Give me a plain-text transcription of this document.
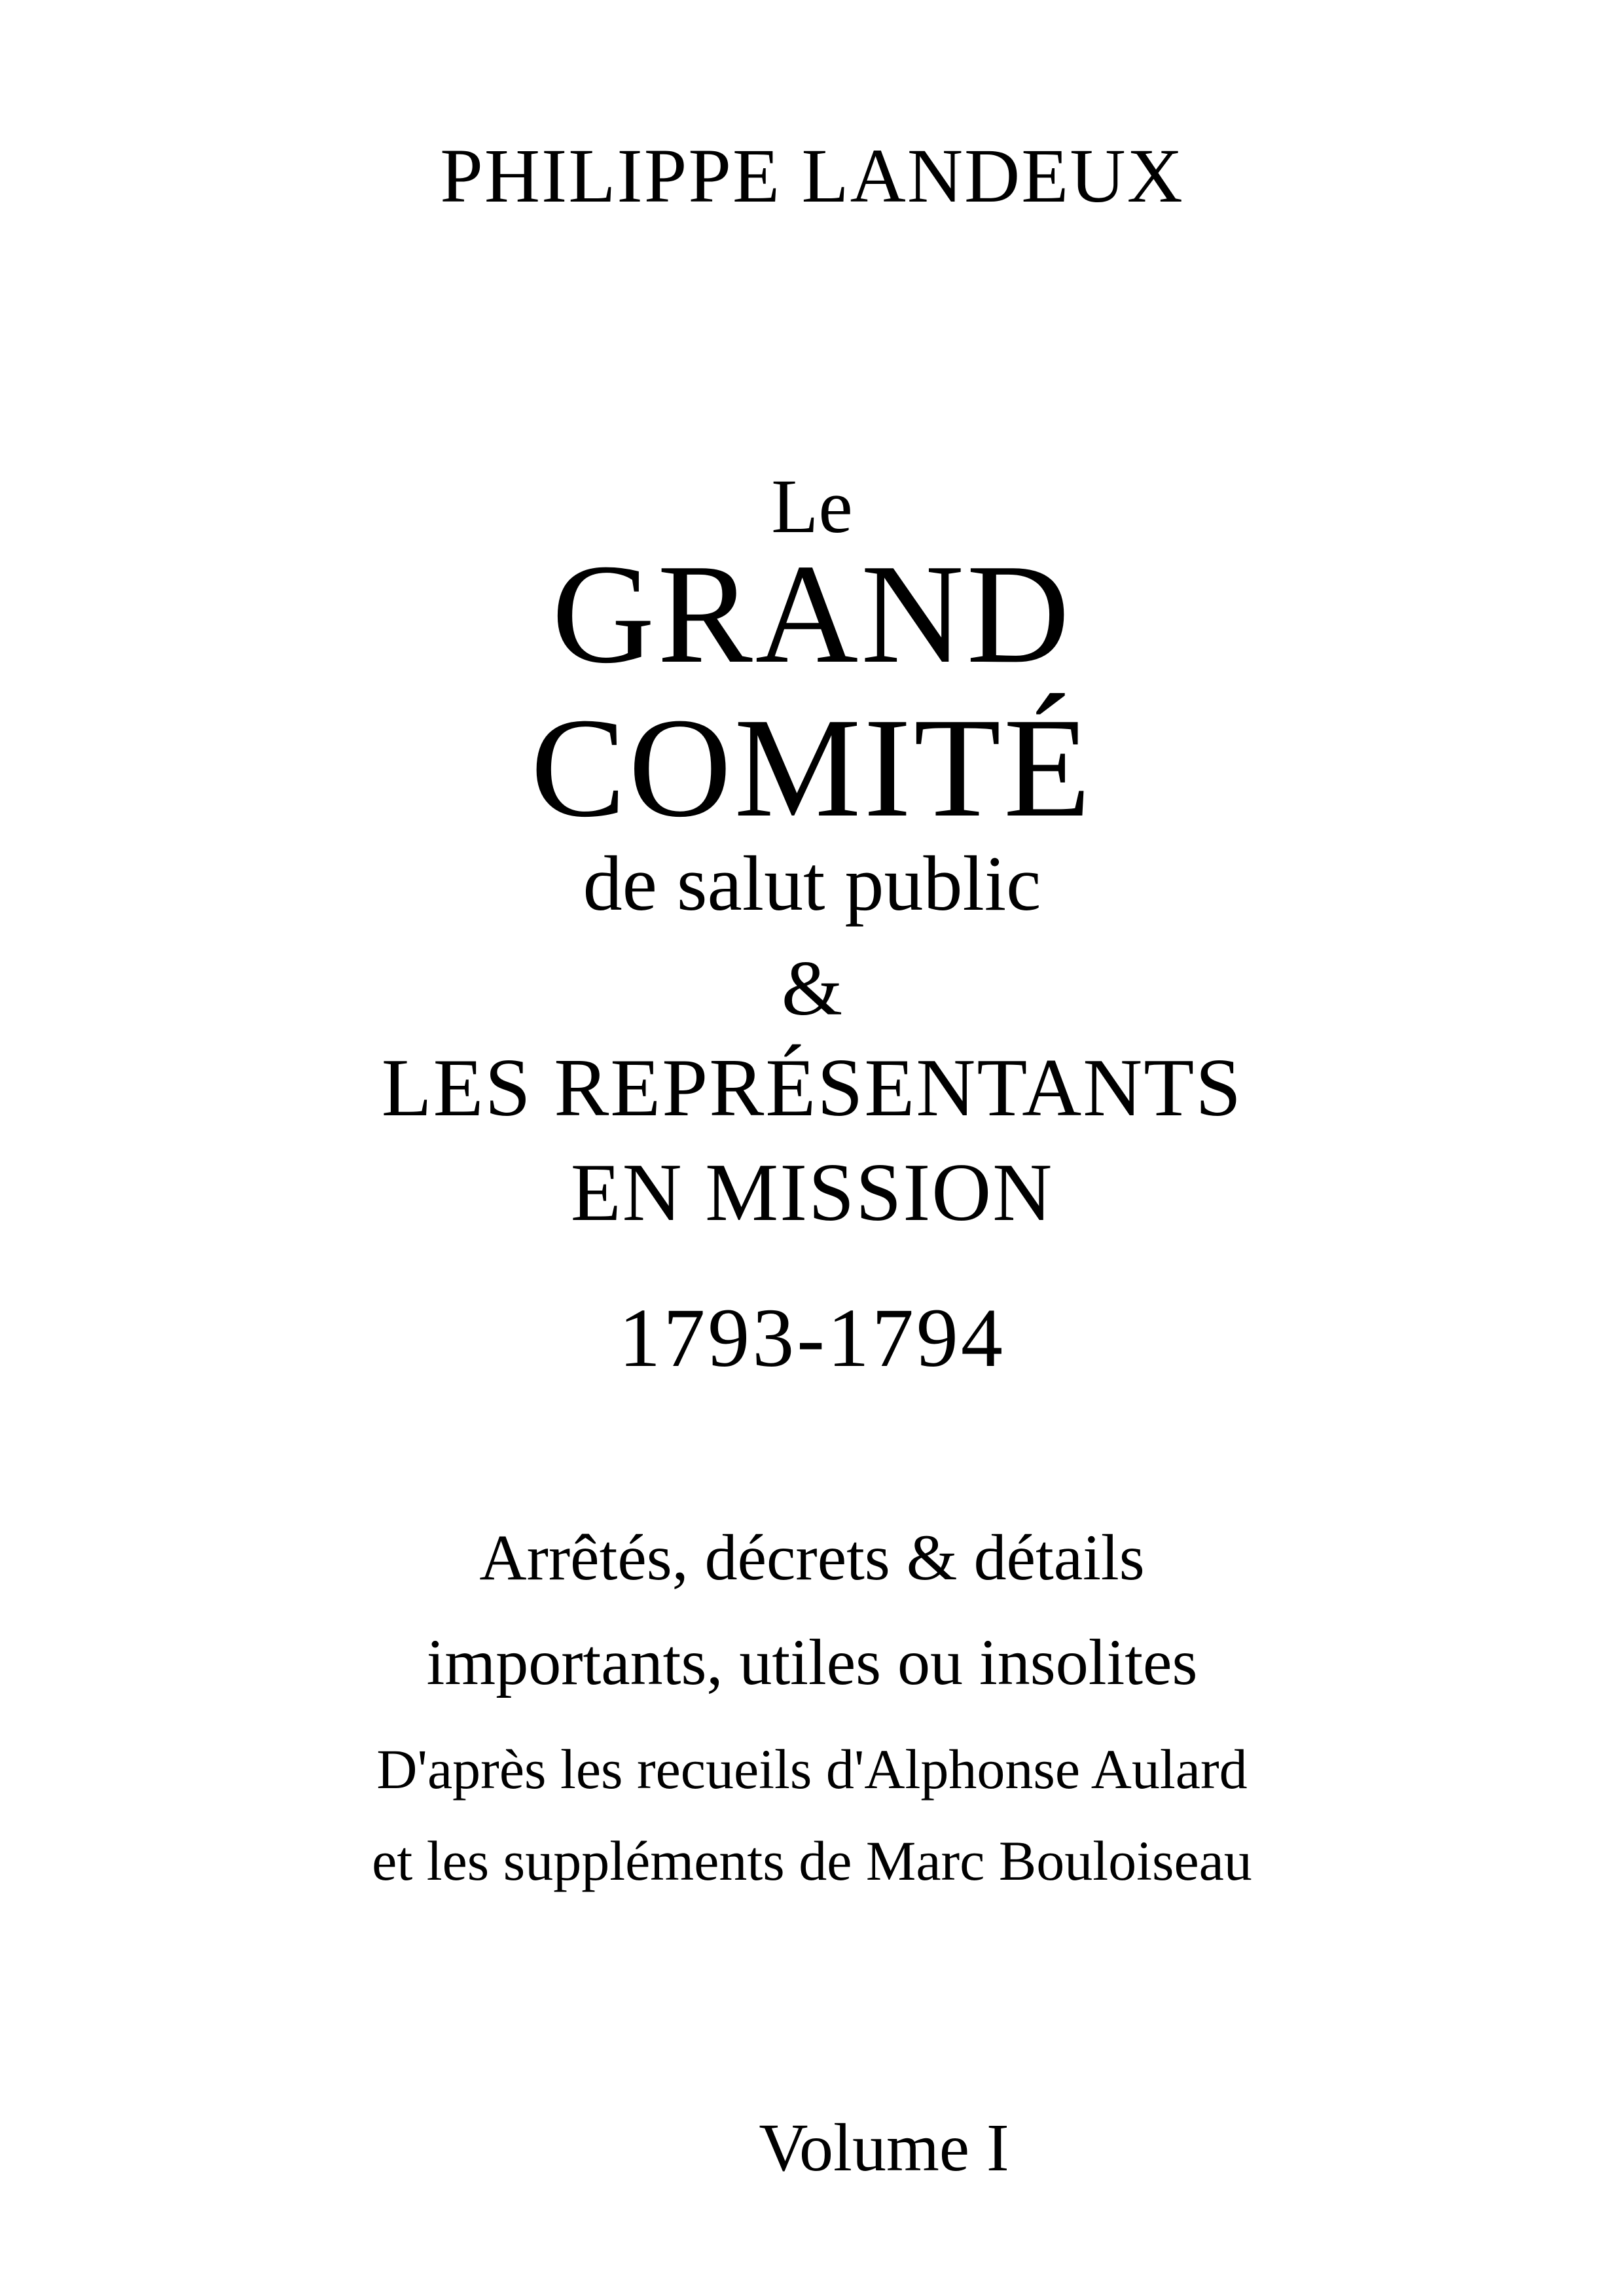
PHILIPPE LANDEUX

Le

GRAND

COMITÉ

de salut public

&

LES REPRÉSENTANTS

EN MISSION

1793-1794

Arrêtés, décrets & détails

importants, utiles ou insolites

D'après les recueils d'Alphonse Aulard

et les suppléments de Marc Bouloiseau

Volume I
